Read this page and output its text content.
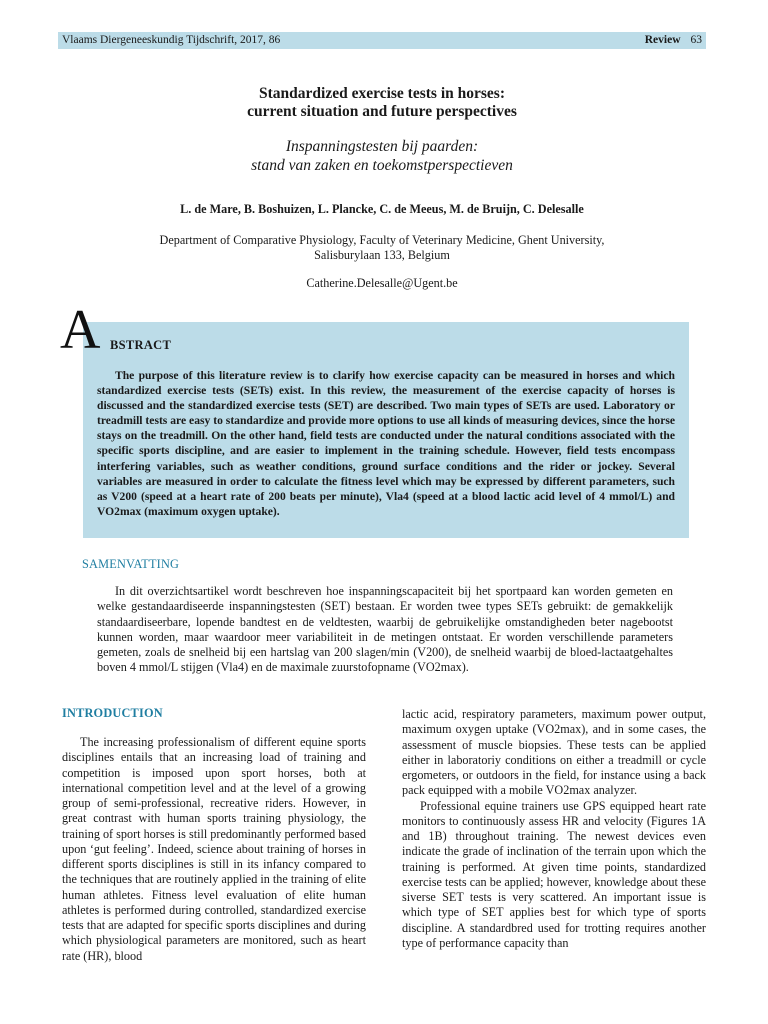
Vlaams Diergeneeskundig Tijdschrift, 2017, 86	Review 63
Standardized exercise tests in horses:
current situation and future perspectives
Inspanningstesten bij paarden:
stand van zaken en toekomstperspectieven
L. de Mare, B. Boshuizen, L. Plancke, C. de Meeus, M. de Bruijn, C. Delesalle
Department of Comparative Physiology, Faculty of Veterinary Medicine, Ghent University,
Salisburylaan 133, Belgium
Catherine.Delesalle@Ugent.be
A BSTRACT
The purpose of this literature review is to clarify how exercise capacity can be measured in horses and which standardized exercise tests (SETs) exist. In this review, the measurement of the exercise capacity of horses is discussed and the standardized exercise tests (SET) are described. Two main types of SETs are used. Laboratory or treadmill tests are easy to standardize and provide more options to use all kinds of measuring devices, since the horse stays on the treadmill. On the other hand, field tests are conducted under the natural conditions associated with the specific sports discipline, and are easier to implement in the training schedule. However, field tests encompass interfering variables, such as weather conditions, ground surface conditions and the rider or jockey. Several variables are measured in order to calculate the fitness level which may be expressed by different parameters, such as V200 (speed at a heart rate of 200 beats per minute), Vla4 (speed at a blood lactic acid level of 4 mmol/L) and VO2max (maximum oxygen uptake).
SAMENVATTING
In dit overzichtsartikel wordt beschreven hoe inspanningscapaciteit bij het sportpaard kan worden gemeten en welke gestandaardiseerde inspanningstesten (SET) bestaan. Er worden twee types SETs gebruikt: de gemakkelijk standaardiseerbare, lopende bandtest en de veldtesten, waarbij de gebruikelijke omstandigheden beter nagebootst kunnen worden, maar waardoor meer variabiliteit in de metingen ontstaat. Er worden verschillende parameters gemeten, zoals de snelheid bij een hartslag van 200 slagen/min (V200), de snelheid waarbij de bloed-lactaatgehaltes boven 4 mmol/L stijgen (Vla4) en de maximale zuurstofopname (VO2max).
INTRODUCTION

The increasing professionalism of different equine sports disciplines entails that an increasing load of training and competition is imposed upon sport horses, both at international competition level and at the level of a growing group of semi-professional, recreative riders. However, in great contrast with human sports training physiology, the training of sport horses is still predominantly performed based upon ‘gut feeling’. Indeed, science about training of horses in different sports disciplines is still in its infancy compared to the techniques that are routinely applied in the training of elite human athletes. Fitness level evaluation of elite human athletes is performed during controlled, standardized exercise tests that are adapted for specific sports disciplines and during which physiological parameters are monitored, such as heart rate (HR), blood

lactic acid, respiratory parameters, maximum power output, maximum oxygen uptake (VO2max), and in some cases, the assessment of muscle biopsies. These tests can be applied either in laboratoriy conditions on either a treadmill or cycle ergometers, or outdoors in the field, for instance using a back pack equipped with a mobile VO2max analyzer.

Professional equine trainers use GPS equipped heart rate monitors to continuously assess HR and velocity (Figures 1A and 1B) throughout training. The newest devices even indicate the grade of inclination of the terrain upon which the training is performed. At given time points, standardized exercise tests can be applied; however, knowledge about these siverse SET tests is very scattered. An important issue is which type of SET applies best for which type of sports discipline. A standardbred used for trotting requires another type of performance capacity than
